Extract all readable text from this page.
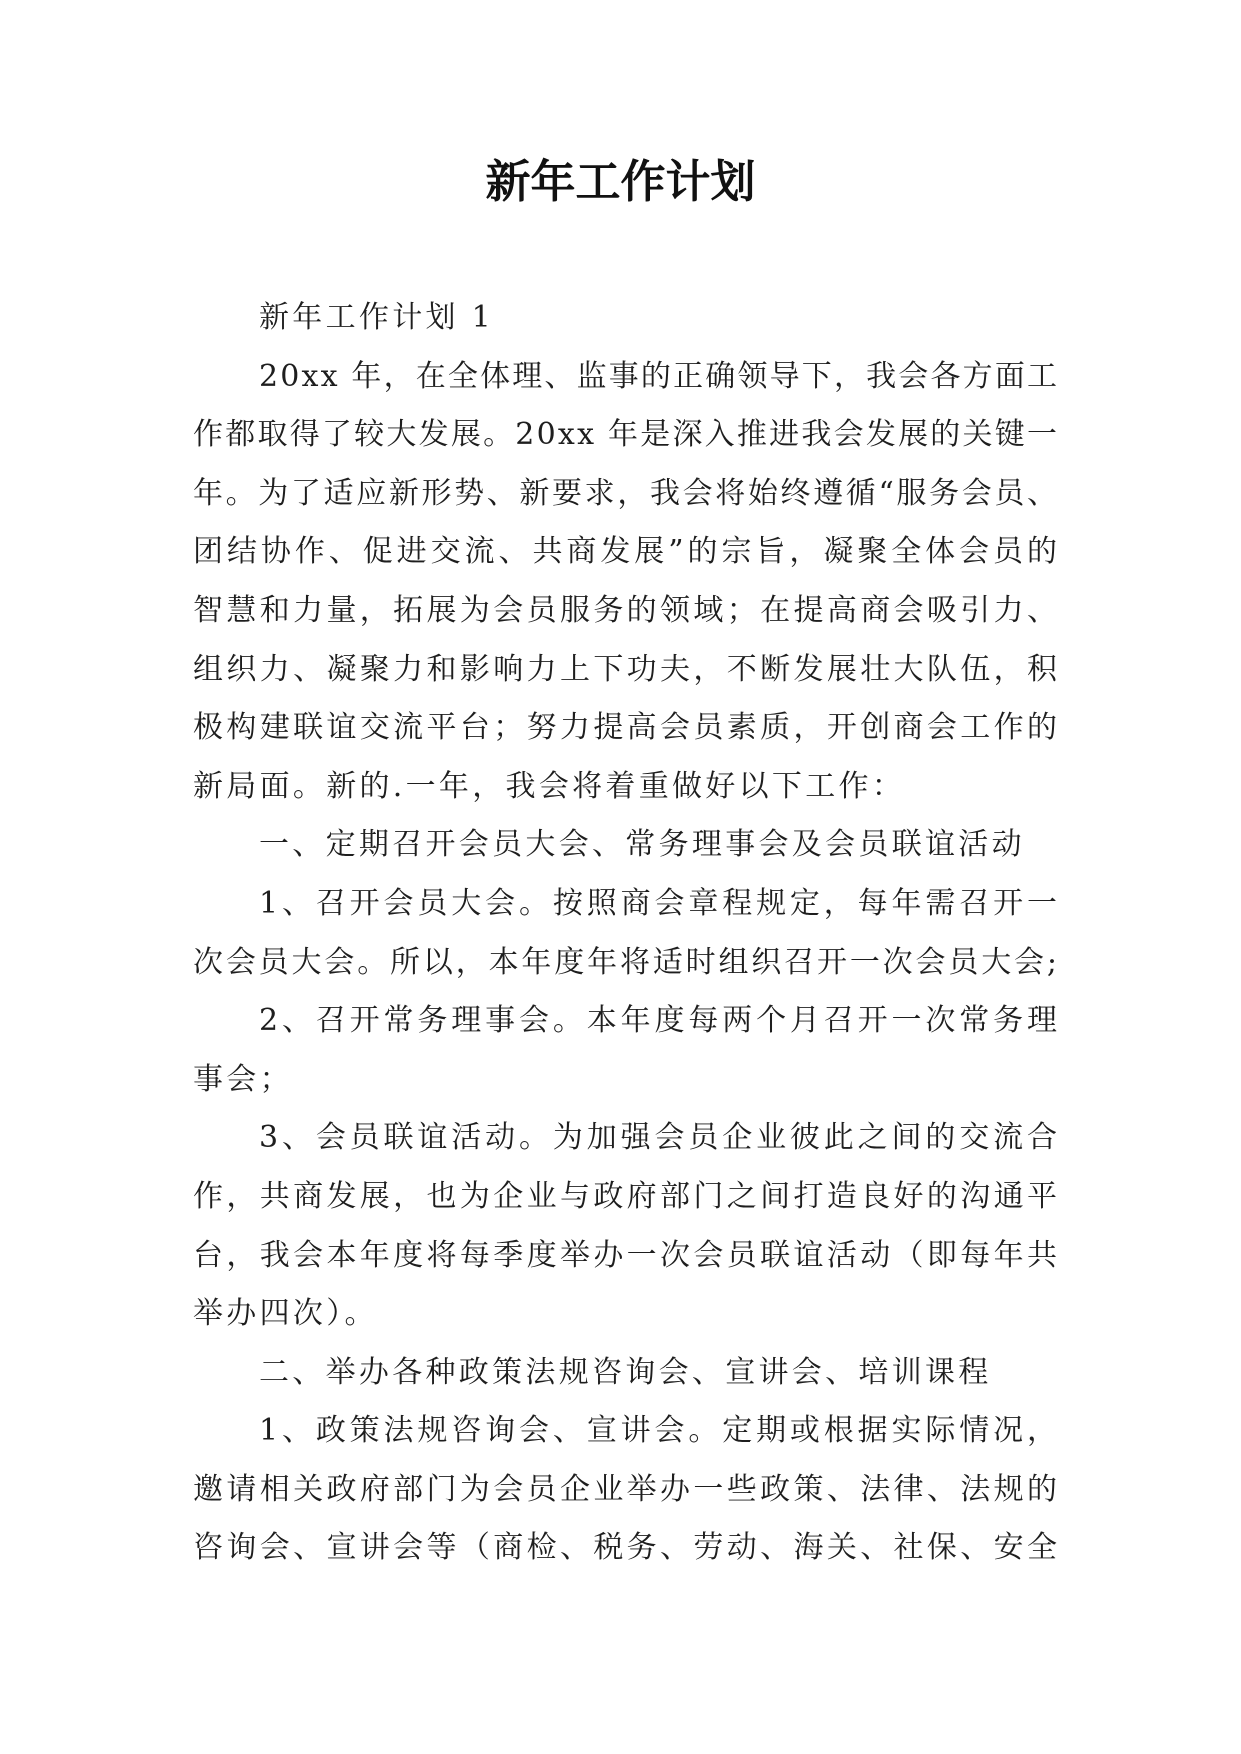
新年工作计划
新年工作计划 1
20xx 年，在全体理、监事的正确领导下，我会各方面工
作都取得了较大发展。20xx 年是深入推进我会发展的关键一
年。为了适应新形势、新要求，我会将始终遵循“服务会员、
团结协作、促进交流、共商发展”的宗旨，凝聚全体会员的
智慧和力量，拓展为会员服务的领域；在提高商会吸引力、
组织力、凝聚力和影响力上下功夫，不断发展壮大队伍，积
极构建联谊交流平台；努力提高会员素质，开创商会工作的
新局面。新的.一年，我会将着重做好以下工作：
一、定期召开会员大会、常务理事会及会员联谊活动
1、召开会员大会。按照商会章程规定，每年需召开一
次会员大会。所以，本年度年将适时组织召开一次会员大会;
2、召开常务理事会。本年度每两个月召开一次常务理
事会；
3、会员联谊活动。为加强会员企业彼此之间的交流合
作，共商发展，也为企业与政府部门之间打造良好的沟通平
台，我会本年度将每季度举办一次会员联谊活动（即每年共
举办四次）。
二、举办各种政策法规咨询会、宣讲会、培训课程
1、政策法规咨询会、宣讲会。定期或根据实际情况，
邀请相关政府部门为会员企业举办一些政策、法律、法规的
咨询会、宣讲会等（商检、税务、劳动、海关、社保、安全
